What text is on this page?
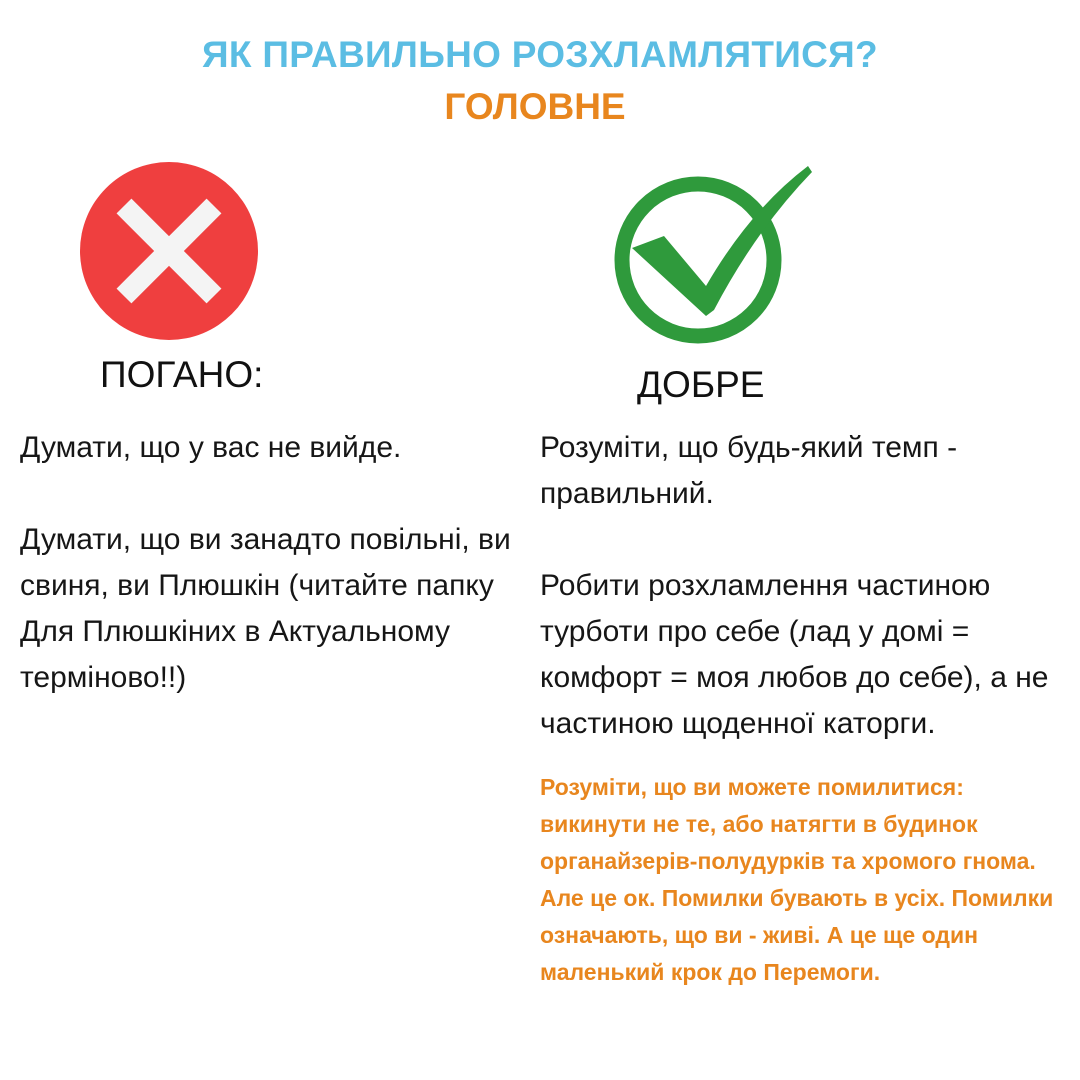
ЯК ПРАВИЛЬНО РОЗХЛАМЛЯТИСЯ?
ГОЛОВНЕ
ПОГАНО:	ДОБРЕ

Думати, що у вас не вийде.

Думати, що ви занадто повільні, ви свиня, ви Плюшкін (читайте папку Для Плюшкіних в Актуальному терміново!!)

Розуміти, що будь-який темп - правильний.

Робити розхламлення частиною турботи про себе (лад у домі = комфорт = моя любов до себе), а не частиною щоденної каторги.

Розуміти, що ви можете помилитися: викинути не те, або натягти в будинок органайзерів-полудурків та хромого гнома. Але це ок. Помилки бувають в усіх. Помилки означають, що ви - живі. А це ще один маленький крок до Перемоги.
